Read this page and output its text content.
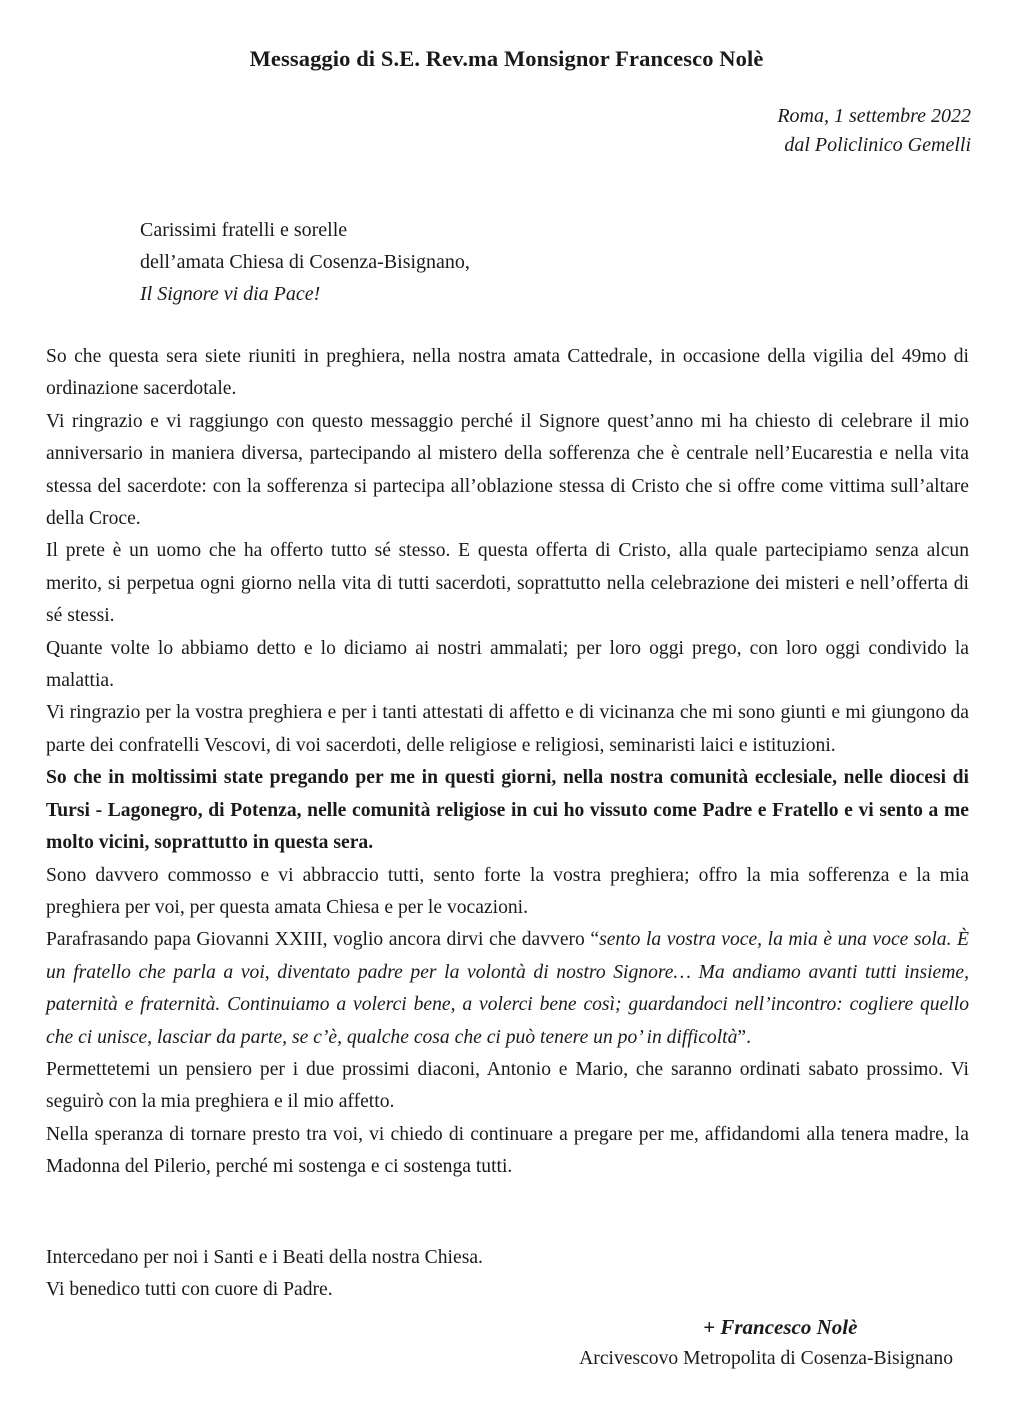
Messaggio di S.E. Rev.ma Monsignor Francesco Nolè
Roma, 1 settembre 2022
dal Policlinico Gemelli
Carissimi fratelli e sorelle
dell’amata Chiesa di Cosenza-Bisignano,
Il Signore vi dia Pace!

So che questa sera siete riuniti in preghiera, nella nostra amata Cattedrale, in occasione della vigilia del 49mo di ordinazione sacerdotale.

Vi ringrazio e vi raggiungo con questo messaggio perché il Signore quest’anno mi ha chiesto di celebrare il mio anniversario in maniera diversa, partecipando al mistero della sofferenza che è centrale nell’Eucarestia e nella vita stessa del sacerdote: con la sofferenza si partecipa all’oblazione stessa di Cristo che si offre come vittima sull’altare della Croce.

Il prete è un uomo che ha offerto tutto sé stesso. E questa offerta di Cristo, alla quale partecipiamo senza alcun merito, si perpetua ogni giorno nella vita di tutti sacerdoti, soprattutto nella celebrazione dei misteri e nell’offerta di sé stessi.

Quante volte lo abbiamo detto e lo diciamo ai nostri ammalati; per loro oggi prego, con loro oggi condivido la malattia.

Vi ringrazio per la vostra preghiera e per i tanti attestati di affetto e di vicinanza che mi sono giunti e mi giungono da parte dei confratelli Vescovi, di voi sacerdoti, delle religiose e religiosi, seminaristi laici e istituzioni.

So che in moltissimi state pregando per me in questi giorni, nella nostra comunità ecclesiale, nelle diocesi di Tursi - Lagonegro, di Potenza, nelle comunità religiose in cui ho vissuto come Padre e Fratello e vi sento a me molto vicini, soprattutto in questa sera.

Sono davvero commosso e vi abbraccio tutti, sento forte la vostra preghiera; offro la mia sofferenza e la mia preghiera per voi, per questa amata Chiesa e per le vocazioni.

Parafrasando papa Giovanni XXIII, voglio ancora dirvi che davvero “sento la vostra voce, la mia è una voce sola. È un fratello che parla a voi, diventato padre per la volontà di nostro Signore… Ma andiamo avanti tutti insieme, paternità e fraternità. Continuiamo a volerci bene, a volerci bene così; guardandoci nell’incontro: cogliere quello che ci unisce, lasciar da parte, se c’è, qualche cosa che ci può tenere un po’ in difficoltà”.

Permettetemi un pensiero per i due prossimi diaconi, Antonio e Mario, che saranno ordinati sabato prossimo. Vi seguirò con la mia preghiera e il mio affetto.

Nella speranza di tornare presto tra voi, vi chiedo di continuare a pregare per me, affidandomi alla tenera madre, la Madonna del Pilerio, perché mi sostenga e ci sostenga tutti.

Intercedano per noi i Santi e i Beati della nostra Chiesa.

Vi benedico tutti con cuore di Padre.

+ Francesco Nolè
Arcivescovo Metropolita di Cosenza-Bisignano
